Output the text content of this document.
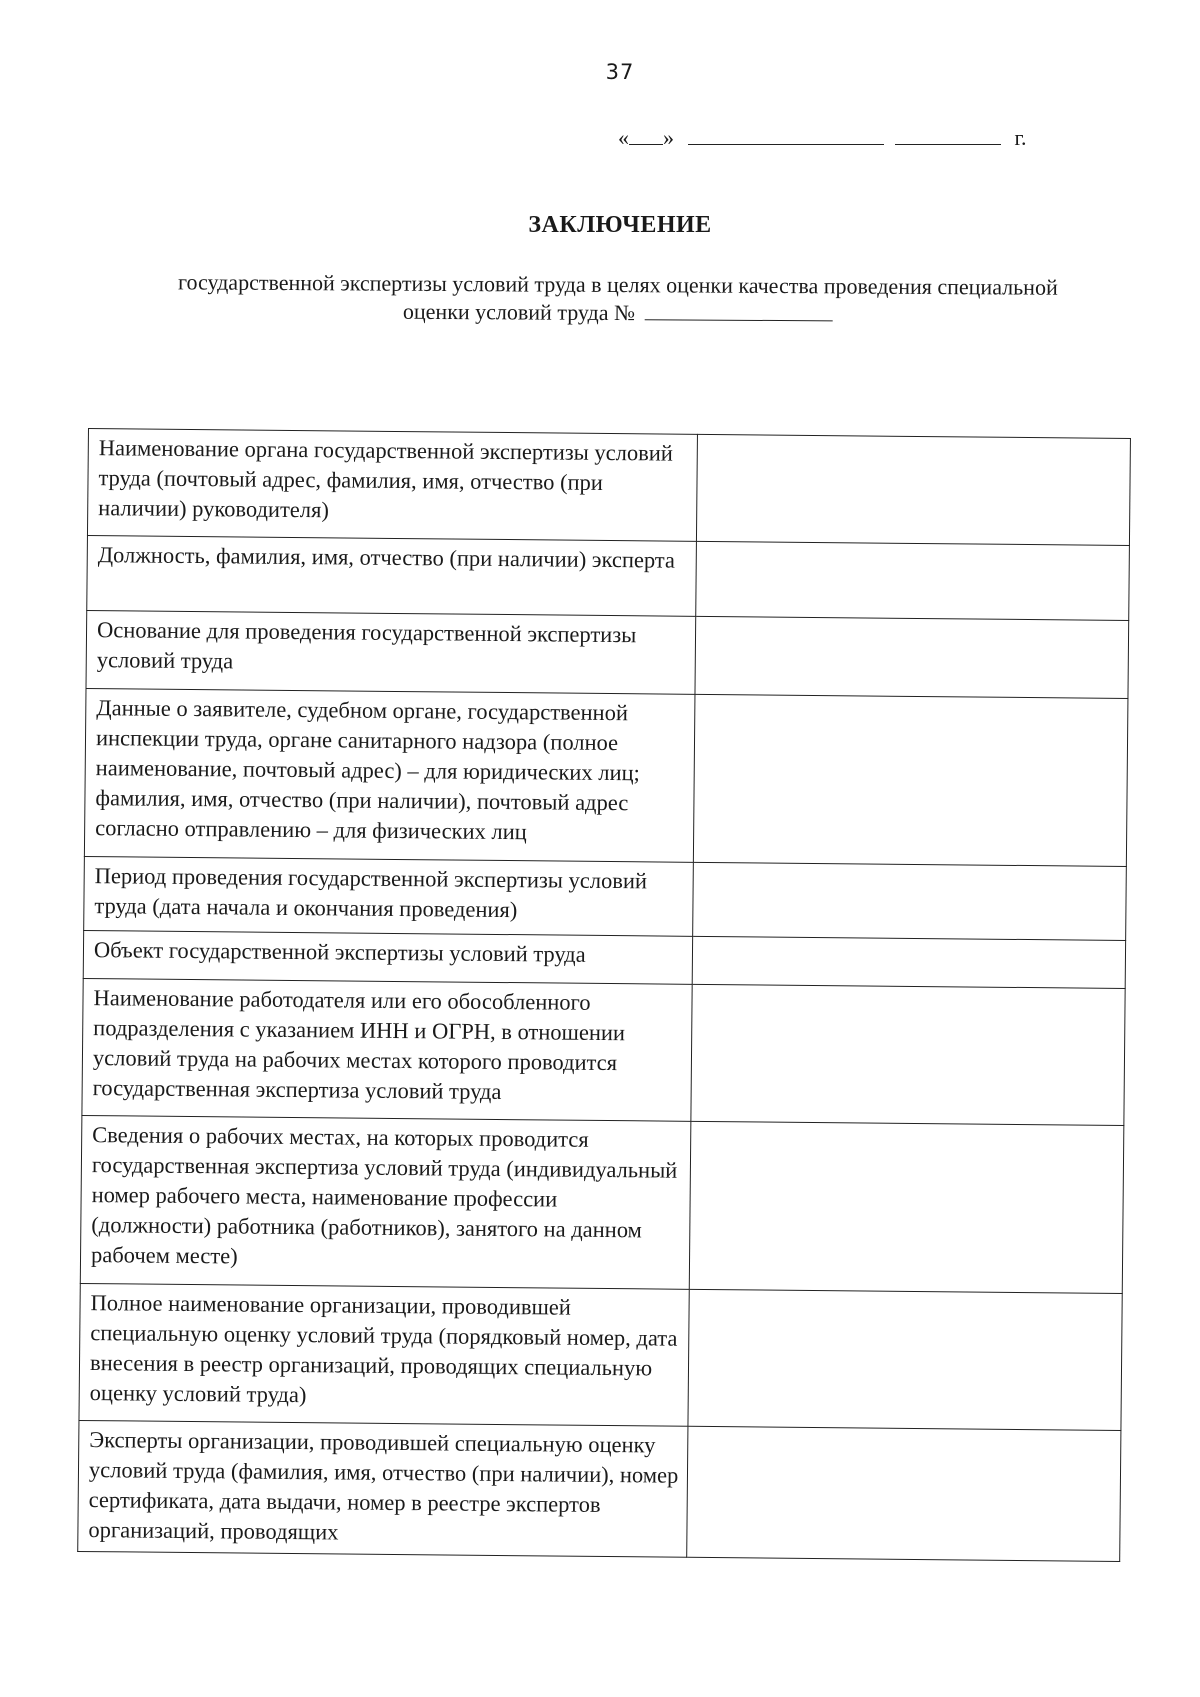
37
« »	г.
ЗАКЛЮЧЕНИЕ
государственной экспертизы условий труда в целях оценки качества проведения специальной
оценки условий труда №
Наименование органа государственной экспертизы условий труда (почтовый адрес, фамилия, имя, отчество (при наличии) руководителя)	
Должность, фамилия, имя, отчество (при наличии) эксперта	
Основание для проведения государственной экспертизы условий труда	
Данные о заявителе, судебном органе, государственной инспекции труда, органе санитарного надзора (полное наименование, почтовый адрес) – для юридических лиц; фамилия, имя, отчество (при наличии), почтовый адрес согласно отправлению – для физических лиц	
Период проведения государственной экспертизы условий труда (дата начала и окончания проведения)	
Объект государственной экспертизы условий труда	
Наименование работодателя или его обособленного подразделения с указанием ИНН и ОГРН, в отношении условий труда на рабочих местах которого проводится государственная экспертиза условий труда	
Сведения о рабочих местах, на которых проводится государственная экспертиза условий труда (индивидуальный номер рабочего места, наименование профессии (должности) работника (работников), занятого на данном рабочем месте)	
Полное наименование организации, проводившей специальную оценку условий труда (порядковый номер, дата внесения в реестр организаций, проводящих специальную оценку условий труда)	
Эксперты организации, проводившей специальную оценку условий труда (фамилия, имя, отчество (при наличии), номер сертификата, дата выдачи, номер в реестре экспертов организаций, проводящих	
